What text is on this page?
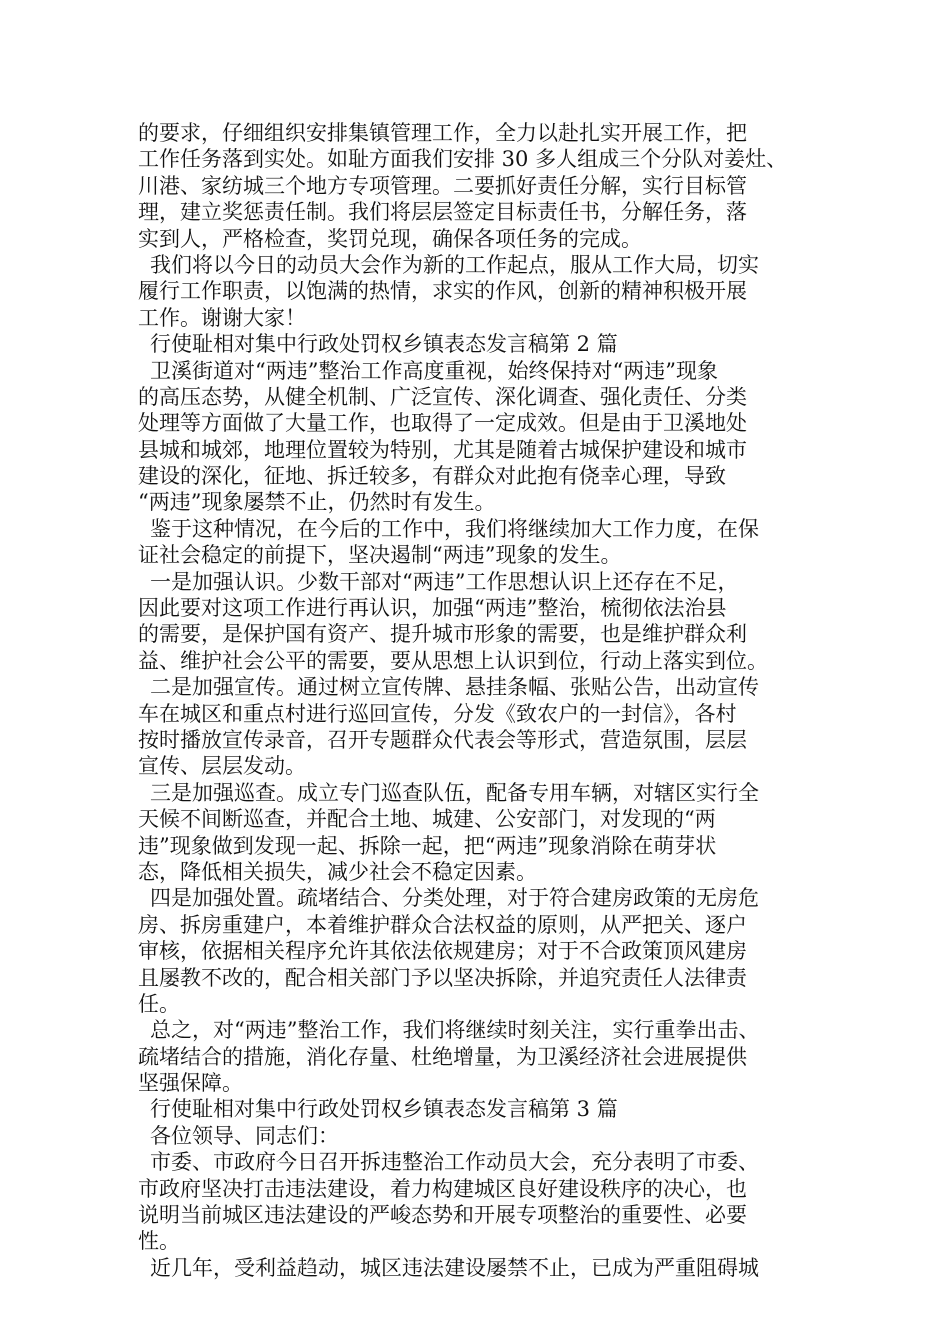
的要求，仔细组织安排集镇管理工作，全力以赴扎实开展工作，把
工作任务落到实处。如耻方面我们安排 30 多人组成三个分队对姜灶、
川港、家纺城三个地方专项管理。二要抓好责任分解，实行目标管
理，建立奖惩责任制。我们将层层签定目标责任书，分解任务，落
实到人，严格检查，奖罚兑现，确保各项任务的完成。
我们将以今日的动员大会作为新的工作起点，服从工作大局，切实
履行工作职责，以饱满的热情，求实的作风，创新的精神积极开展
工作。谢谢大家！
行使耻相对集中行政处罚权乡镇表态发言稿第 2 篇
卫溪街道对“两违”整治工作高度重视，始终保持对“两违”现象
的高压态势，从健全机制、广泛宣传、深化调查、强化责任、分类
处理等方面做了大量工作，也取得了一定成效。但是由于卫溪地处
县城和城郊，地理位置较为特别，尤其是随着古城保护建设和城市
建设的深化，征地、拆迁较多，有群众对此抱有侥幸心理，导致
“两违”现象屡禁不止，仍然时有发生。
鉴于这种情况，在今后的工作中，我们将继续加大工作力度，在保
证社会稳定的前提下，坚决遏制“两违”现象的发生。
一是加强认识。少数干部对“两违”工作思想认识上还存在不足，
因此要对这项工作进行再认识，加强“两违”整治，梳彻依法治县
的需要，是保护国有资产、提升城市形象的需要，也是维护群众利
益、维护社会公平的需要，要从思想上认识到位，行动上落实到位。
二是加强宣传。通过树立宣传牌、悬挂条幅、张贴公告，出动宣传
车在城区和重点村进行巡回宣传，分发《致农户的一封信》，各村
按时播放宣传录音，召开专题群众代表会等形式，营造氛围，层层
宣传、层层发动。
三是加强巡查。成立专门巡查队伍，配备专用车辆，对辖区实行全
天候不间断巡查，并配合土地、城建、公安部门，对发现的“两
违”现象做到发现一起、拆除一起，把“两违”现象消除在萌芽状
态，降低相关损失，减少社会不稳定因素。
四是加强处置。疏堵结合、分类处理，对于符合建房政策的无房危
房、拆房重建户，本着维护群众合法权益的原则，从严把关、逐户
审核，依据相关程序允许其依法依规建房；对于不合政策顶风建房
且屡教不改的，配合相关部门予以坚决拆除，并追究责任人法律责
任。
总之，对“两违”整治工作，我们将继续时刻关注，实行重拳出击、
疏堵结合的措施，消化存量、杜绝增量，为卫溪经济社会进展提供
坚强保障。
行使耻相对集中行政处罚权乡镇表态发言稿第 3 篇
各位领导、同志们：
市委、市政府今日召开拆违整治工作动员大会，充分表明了市委、
市政府坚决打击违法建设，着力构建城区良好建设秩序的决心，也
说明当前城区违法建设的严峻态势和开展专项整治的重要性、必要
性。
近几年，受利益趋动，城区违法建设屡禁不止，已成为严重阻碍城
